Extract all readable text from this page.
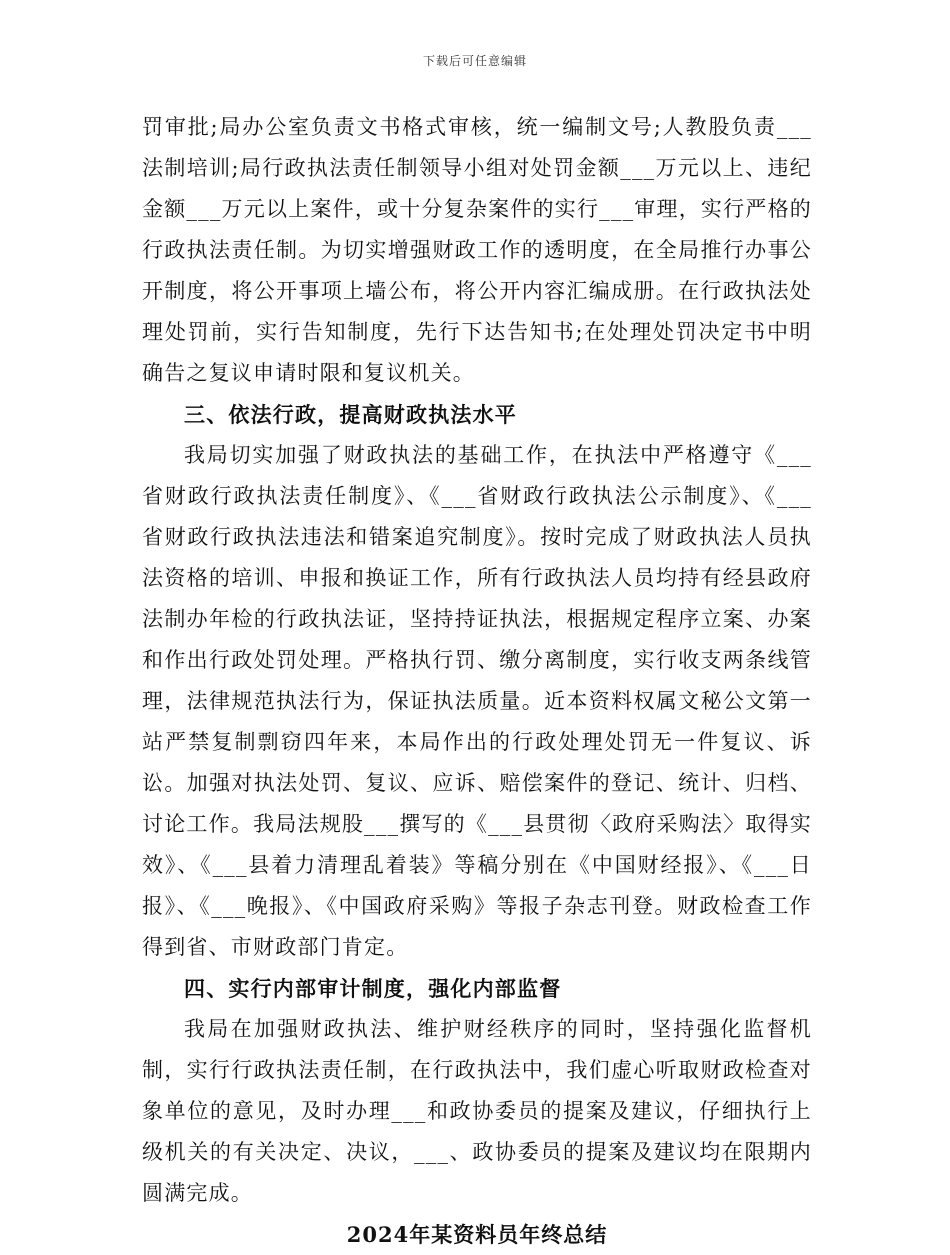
下载后可任意编辑

罚审批;局办公室负责文书格式审核，统一编制文号;人教股负责___法制培训;局行政执法责任制领导小组对处罚金额___万元以上、违纪金额___万元以上案件，或十分复杂案件的实行___审理，实行严格的行政执法责任制。为切实增强财政工作的透明度，在全局推行办事公开制度，将公开事项上墙公布，将公开内容汇编成册。在行政执法处理处罚前，实行告知制度，先行下达告知书;在处理处罚决定书中明确告之复议申请时限和复议机关。

三、依法行政，提高财政执法水平

我局切实加强了财政执法的基础工作，在执法中严格遵守《___省财政行政执法责任制度》、《___省财政行政执法公示制度》、《___省财政行政执法违法和错案追究制度》。按时完成了财政执法人员执法资格的培训、申报和换证工作，所有行政执法人员均持有经县政府法制办年检的行政执法证，坚持持证执法，根据规定程序立案、办案和作出行政处罚处理。严格执行罚、缴分离制度，实行收支两条线管理，法律规范执法行为，保证执法质量。近本资料权属文秘公文第一站严禁复制剽窃四年来，本局作出的行政处理处罚无一件复议、诉讼。加强对执法处罚、复议、应诉、赔偿案件的登记、统计、归档、讨论工作。我局法规股___撰写的《___县贯彻〈政府采购法〉取得实效》、《___县着力清理乱着装》等稿分别在《中国财经报》、《___日报》、《___晚报》、《中国政府采购》等报子杂志刊登。财政检查工作得到省、市财政部门肯定。

四、实行内部审计制度，强化内部监督

我局在加强财政执法、维护财经秩序的同时，坚持强化监督机制，实行行政执法责任制，在行政执法中，我们虚心听取财政检查对象单位的意见，及时办理___和政协委员的提案及建议，仔细执行上级机关的有关决定、决议，___、政协委员的提案及建议均在限期内圆满完成。

2024年某资料员年终总结
